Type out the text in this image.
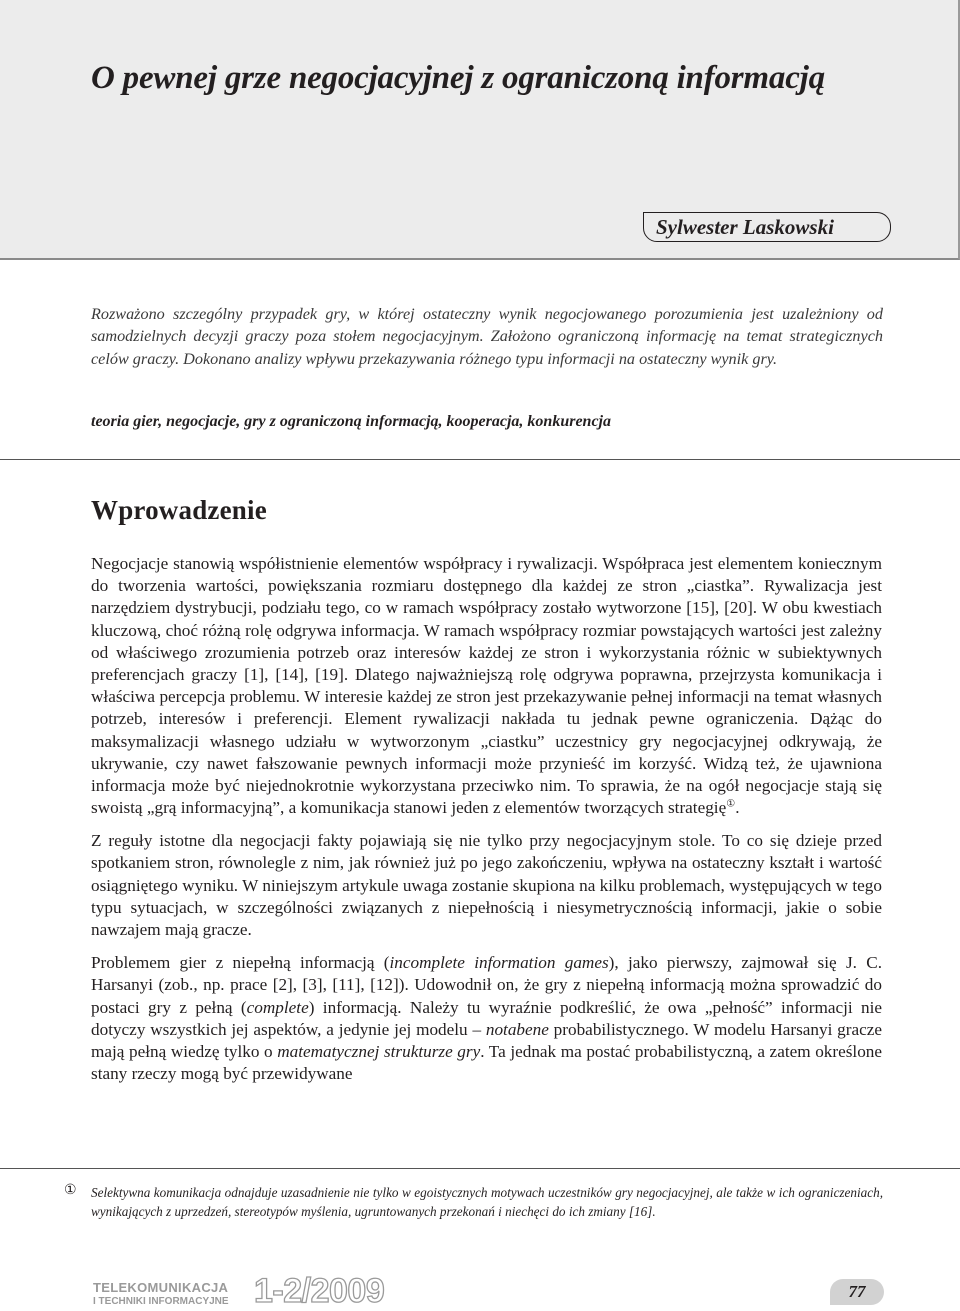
O pewnej grze negocjacyjnej z ograniczoną informacją
Sylwester Laskowski

Rozważono szczególny przypadek gry, w której ostateczny wynik negocjowanego porozumienia jest uzależniony od samodzielnych decyzji graczy poza stołem negocjacyjnym. Założono ograniczoną informację na temat strategicznych celów graczy. Dokonano analizy wpływu przekazywania różnego typu informacji na ostateczny wynik gry.

teoria gier, negocjacje, gry z ograniczoną informacją, kooperacja, konkurencja

Wprowadzenie

Negocjacje stanowią współistnienie elementów współpracy i rywalizacji. Współpraca jest elementem koniecznym do tworzenia wartości, powiększania rozmiaru dostępnego dla każdej ze stron „ciastka”. Rywalizacja jest narzędziem dystrybucji, podziału tego, co w ramach współpracy zostało wytworzone [15], [20]. W obu kwestiach kluczową, choć różną rolę odgrywa informacja. W ramach współpracy rozmiar powstających wartości jest zależny od właściwego zrozumienia potrzeb oraz interesów każdej ze stron i wykorzystania różnic w subiektywnych preferencjach graczy [1], [14], [19]. Dlatego najważniejszą rolę odgrywa poprawna, przejrzysta komunikacja i właściwa percepcja problemu. W interesie każdej ze stron jest przekazywanie pełnej informacji na temat własnych potrzeb, interesów i preferencji. Element rywalizacji nakłada tu jednak pewne ograniczenia. Dążąc do maksymalizacji własnego udziału w wytworzonym „ciastku” uczestnicy gry negocjacyjnej odkrywają, że ukrywanie, czy nawet fałszowanie pewnych informacji może przynieść im korzyść. Widzą też, że ujawniona informacja może być niejednokrotnie wykorzystana przeciwko nim. To sprawia, że na ogół negocjacje stają się swoistą „grą informacyjną”, a komunikacja stanowi jeden z elementów tworzących strategię①.

Z reguły istotne dla negocjacji fakty pojawiają się nie tylko przy negocjacyjnym stole. To co się dzieje przed spotkaniem stron, równolegle z nim, jak również już po jego zakończeniu, wpływa na ostateczny kształt i wartość osiągniętego wyniku. W niniejszym artykule uwaga zostanie skupiona na kilku problemach, występujących w tego typu sytuacjach, w szczególności związanych z niepełnością i niesymetrycznością informacji, jakie o sobie nawzajem mają gracze.

Problemem gier z niepełną informacją (incomplete information games), jako pierwszy, zajmował się J. C. Harsanyi (zob., np. prace [2], [3], [11], [12]). Udowodnił on, że gry z niepełną informacją można sprowadzić do postaci gry z pełną (complete) informacją. Należy tu wyraźnie podkreślić, że owa „pełność” informacji nie dotyczy wszystkich jej aspektów, a jedynie jej modelu – notabene probabilistycznego. W modelu Harsanyi gracze mają pełną wiedzę tylko o matematycznej strukturze gry. Ta jednak ma postać probabilistyczną, a zatem określone stany rzeczy mogą być przewidywane

① Selektywna komunikacja odnajduje uzasadnienie nie tylko w egoistycznych motywach uczestników gry negocjacyjnej, ale także w ich ograniczeniach, wynikających z uprzedzeń, stereotypów myślenia, ugruntowanych przekonań i niechęci do ich zmiany [16].

TELEKOMUNIKACJA
I TECHNIKI INFORMACYJNE 1-2/2009	77
